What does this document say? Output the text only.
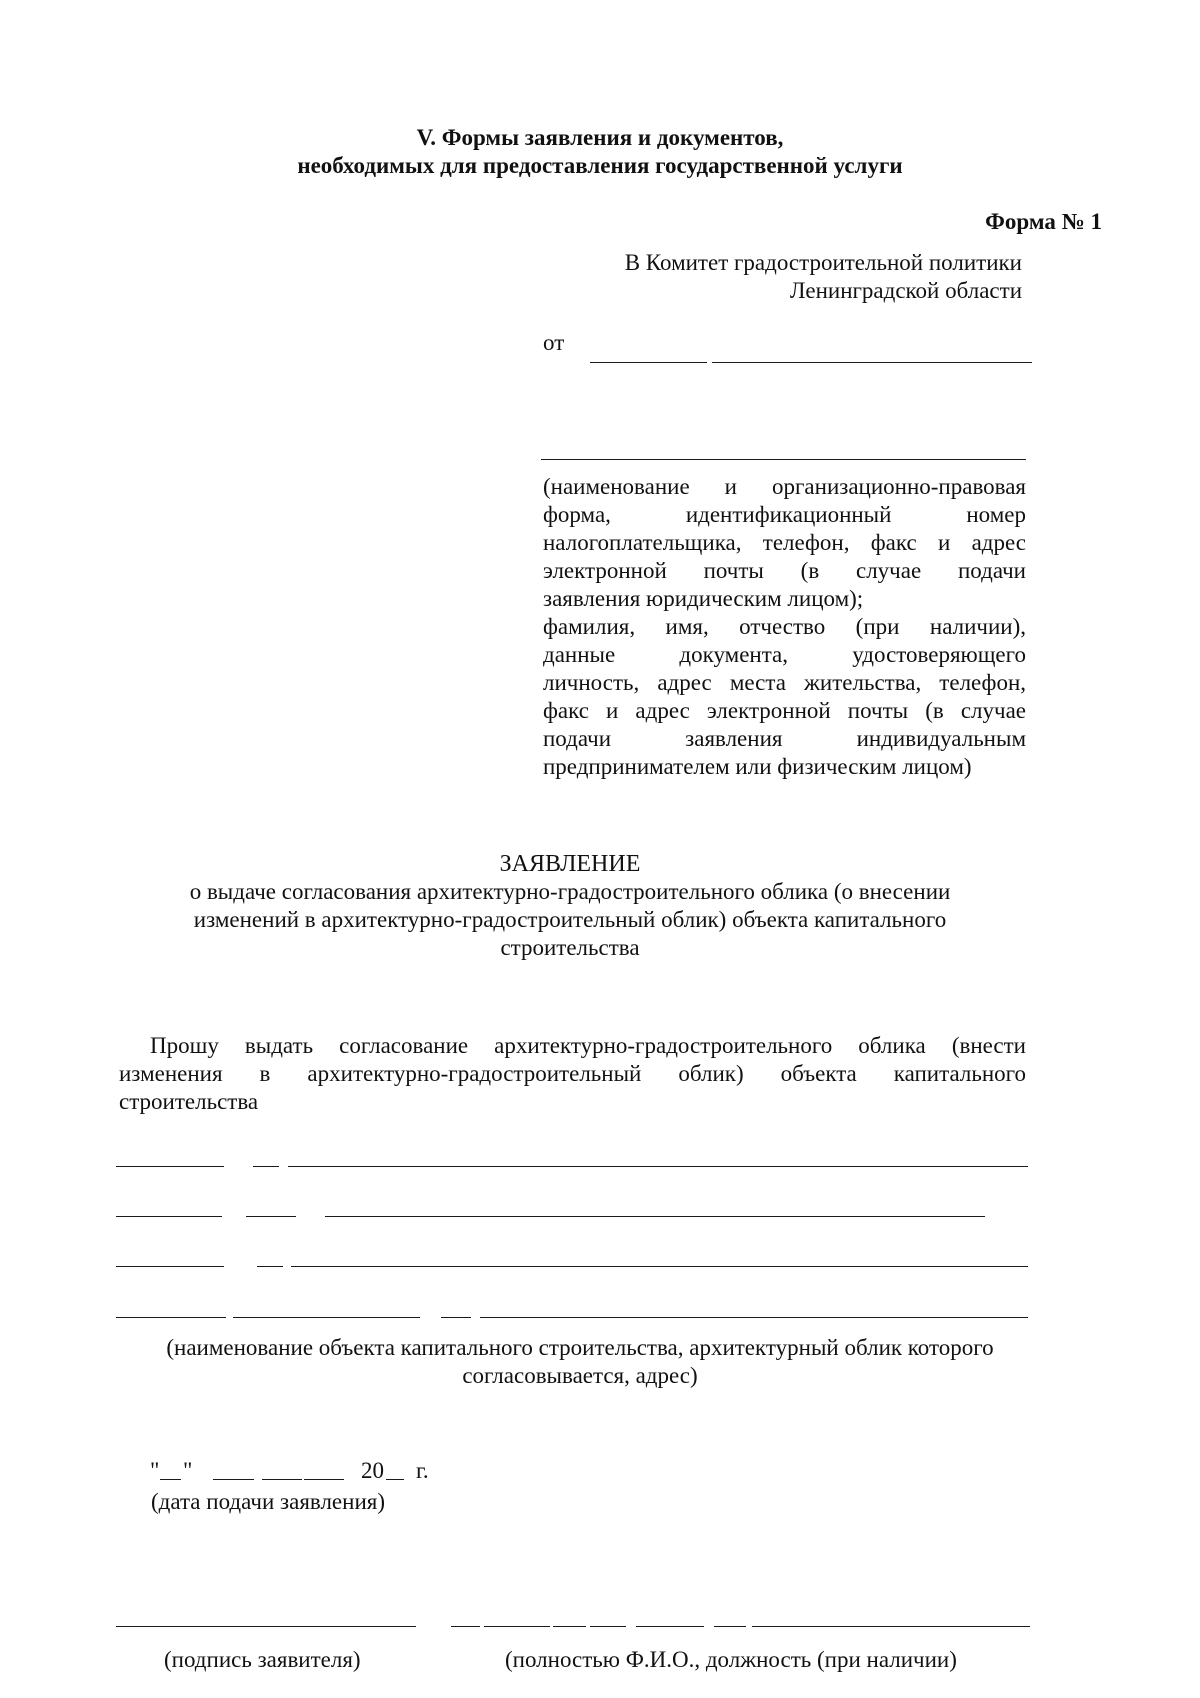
V. Формы заявления и документов,
необходимых для предоставления государственной услуги
Форма № 1
В Комитет градостроительной политики
Ленинградской области
от
(наименование и организационно-правовая
форма, идентификационный номер
налогоплательщика, телефон, факс и адрес
электронной почты (в случае подачи
заявления юридическим лицом);
фамилия, имя, отчество (при наличии),
данные документа, удостоверяющего
личность, адрес места жительства, телефон,
факс и адрес электронной почты (в случае
подачи заявления индивидуальным
предпринимателем или физическим лицом)
ЗАЯВЛЕНИЕ
о выдаче согласования архитектурно-градостроительного облика (о внесении
изменений в архитектурно-градостроительный облик) объекта капитального
строительства
Прошу выдать согласование архитектурно-градостроительного облика (внести
изменения в архитектурно-градостроительный облик) объекта капитального
строительства
(наименование объекта капитального строительства, архитектурный облик которого
согласовывается, адрес)
" "	20 г.
(дата подачи заявления)
(подпись заявителя)	(полностью Ф.И.О., должность (при наличии)
